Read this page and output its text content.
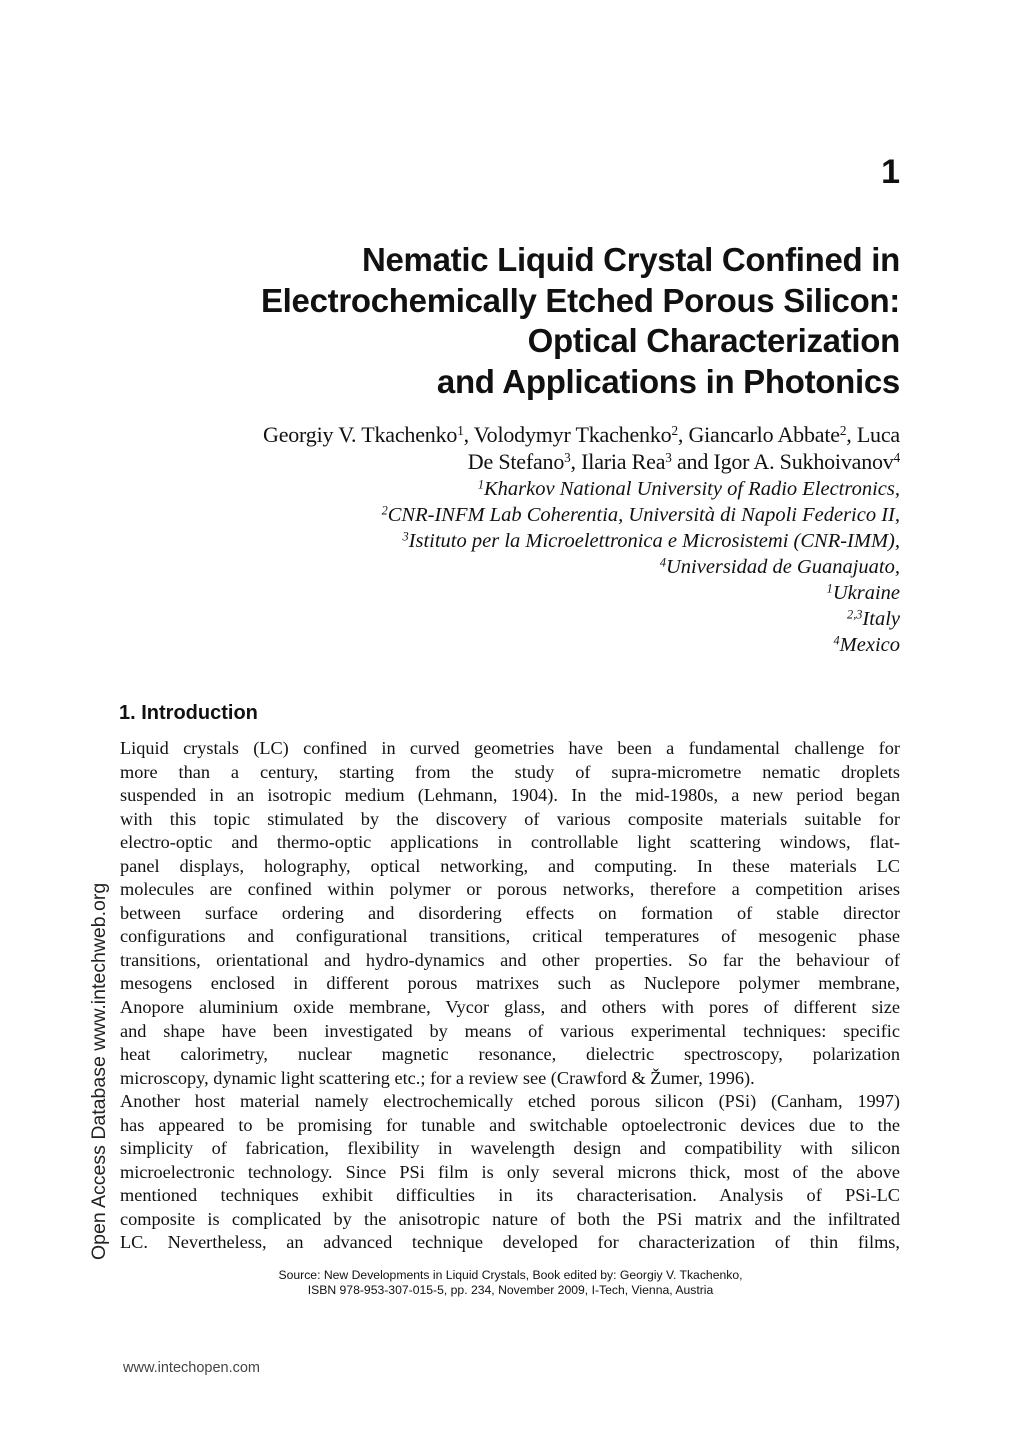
1
Nematic Liquid Crystal Confined in
Electrochemically Etched Porous Silicon:
Optical Characterization
and Applications in Photonics
Georgiy V. Tkachenko$^1$, Volodymyr Tkachenko$^2$, Giancarlo Abbate$^2$, Luca
De Stefano$^3$, Ilaria Rea$^3$ and Igor A. Sukhoivanov$^4$
$^1$Kharkov National University of Radio Electronics,
$^2$CNR-INFM Lab Coherentia, Università di Napoli Federico II,
$^3$Istituto per la Microelettronica e Microsistemi (CNR-IMM),
$^4$Universidad de Guanajuato,
$^1$Ukraine
$^{2,3}$Italy
$^4$Mexico
1. Introduction
Liquid crystals (LC) confined in curved geometries have been a fundamental challenge for
more than a century, starting from the study of supra-micrometre nematic droplets
suspended in an isotropic medium (Lehmann, 1904). In the mid-1980s, a new period began
with this topic stimulated by the discovery of various composite materials suitable for
electro-optic and thermo-optic applications in controllable light scattering windows, flat-
panel displays, holography, optical networking, and computing. In these materials LC
molecules are confined within polymer or porous networks, therefore a competition arises
between surface ordering and disordering effects on formation of stable director
configurations and configurational transitions, critical temperatures of mesogenic phase
transitions, orientational and hydro-dynamics and other properties. So far the behaviour of
mesogens enclosed in different porous matrixes such as Nuclepore polymer membrane,
Anopore aluminium oxide membrane, Vycor glass, and others with pores of different size
and shape have been investigated by means of various experimental techniques: specific
heat calorimetry, nuclear magnetic resonance, dielectric spectroscopy, polarization
microscopy, dynamic light scattering etc.; for a review see (Crawford & Žumer, 1996).
Another host material namely electrochemically etched porous silicon (PSi) (Canham, 1997)
has appeared to be promising for tunable and switchable optoelectronic devices due to the
simplicity of fabrication, flexibility in wavelength design and compatibility with silicon
microelectronic technology. Since PSi film is only several microns thick, most of the above
mentioned techniques exhibit difficulties in its characterisation. Analysis of PSi-LC
composite is complicated by the anisotropic nature of both the PSi matrix and the infiltrated
LC. Nevertheless, an advanced technique developed for characterization of thin films,
Open Access Database www.intechweb.org
Source: New Developments in Liquid Crystals, Book edited by: Georgiy V. Tkachenko,
ISBN 978-953-307-015-5, pp. 234, November 2009, I-Tech, Vienna, Austria
www.intechopen.com
